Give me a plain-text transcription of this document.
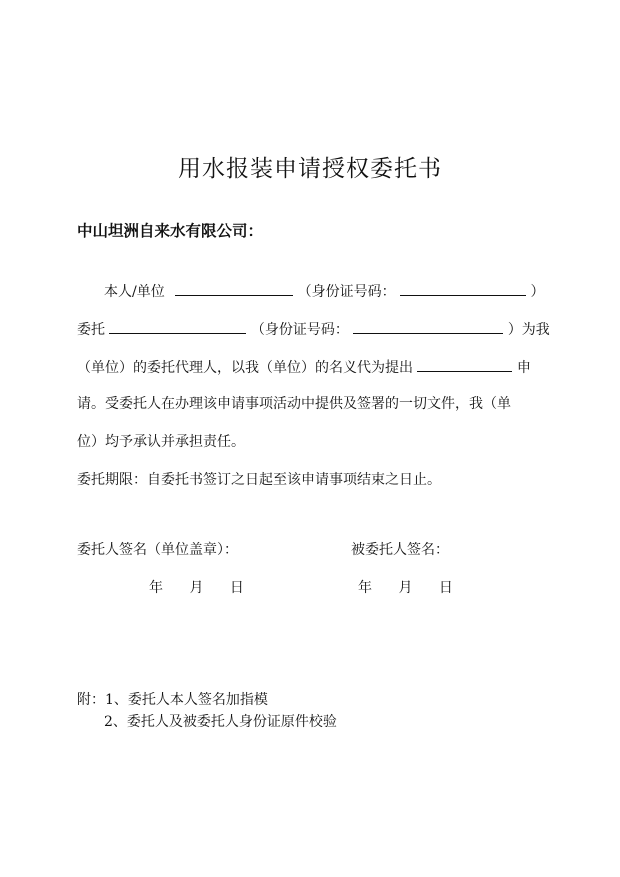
用水报装申请授权委托书
中山坦洲自来水有限公司：
本人/单位	（身份证号码：	）
委托	（身份证号码：	）为我
（单位）的委托代理人，以我（单位）的名义代为提出	申
请。受委托人在办理该申请事项活动中提供及签署的一切文件，我（单
位）均予承认并承担责任。
委托期限：自委托书签订之日起至该申请事项结束之日止。
委托人签名（单位盖章）：	被委托人签名：
年 月 日	年 月 日
附：1、委托人本人签名加指模
2、委托人及被委托人身份证原件校验
